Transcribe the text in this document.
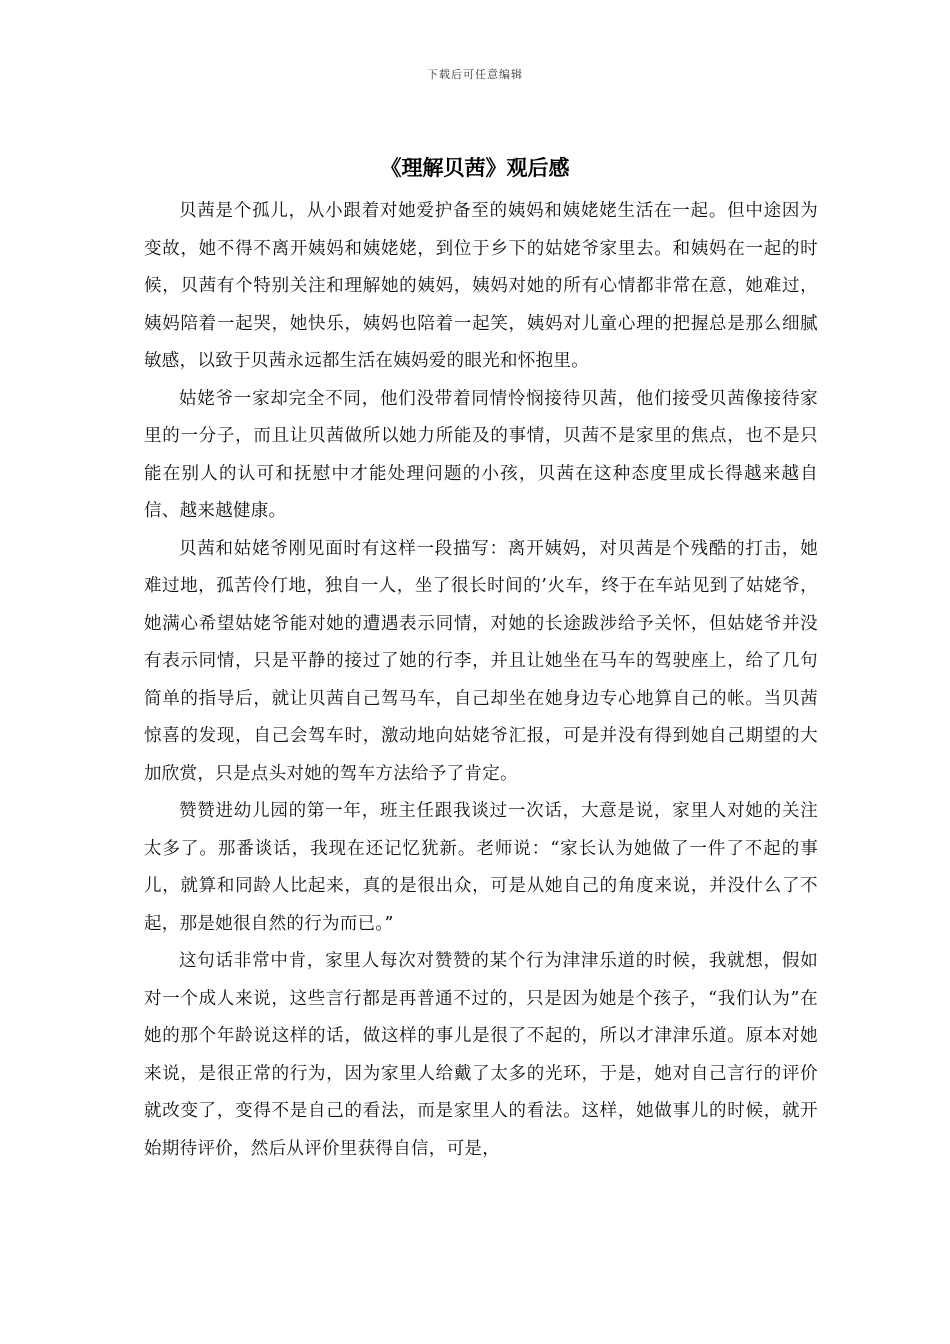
下载后可任意编辑
《理解贝茜》观后感

贝茜是个孤儿，从小跟着对她爱护备至的姨妈和姨姥姥生活在一起。但中途因为变故，她不得不离开姨妈和姨姥姥，到位于乡下的姑姥爷家里去。和姨妈在一起的时候，贝茜有个特别关注和理解她的姨妈，姨妈对她的所有心情都非常在意，她难过，姨妈陪着一起哭，她快乐，姨妈也陪着一起笑，姨妈对儿童心理的把握总是那么细腻敏感，以致于贝茜永远都生活在姨妈爱的眼光和怀抱里。

姑姥爷一家却完全不同，他们没带着同情怜悯接待贝茜，他们接受贝茜像接待家里的一分子，而且让贝茜做所以她力所能及的事情，贝茜不是家里的焦点，也不是只能在别人的认可和抚慰中才能处理问题的小孩，贝茜在这种态度里成长得越来越自信、越来越健康。

贝茜和姑姥爷刚见面时有这样一段描写：离开姨妈，对贝茜是个残酷的打击，她难过地，孤苦伶仃地，独自一人，坐了很长时间的’火车，终于在车站见到了姑姥爷，她满心希望姑姥爷能对她的遭遇表示同情，对她的长途跋涉给予关怀，但姑姥爷并没有表示同情，只是平静的接过了她的行李，并且让她坐在马车的驾驶座上，给了几句简单的指导后，就让贝茜自己驾马车，自己却坐在她身边专心地算自己的帐。当贝茜惊喜的发现，自己会驾车时，激动地向姑姥爷汇报，可是并没有得到她自己期望的大加欣赏，只是点头对她的驾车方法给予了肯定。

赞赞进幼儿园的第一年，班主任跟我谈过一次话，大意是说，家里人对她的关注太多了。那番谈话，我现在还记忆犹新。老师说：“家长认为她做了一件了不起的事儿，就算和同龄人比起来，真的是很出众，可是从她自己的角度来说，并没什么了不起，那是她很自然的行为而已。”

这句话非常中肯，家里人每次对赞赞的某个行为津津乐道的时候，我就想，假如对一个成人来说，这些言行都是再普通不过的，只是因为她是个孩子，“我们认为”在她的那个年龄说这样的话，做这样的事儿是很了不起的，所以才津津乐道。原本对她来说，是很正常的行为，因为家里人给戴了太多的光环，于是，她对自己言行的评价就改变了，变得不是自己的看法，而是家里人的看法。这样，她做事儿的时候，就开始期待评价，然后从评价里获得自信，可是，
